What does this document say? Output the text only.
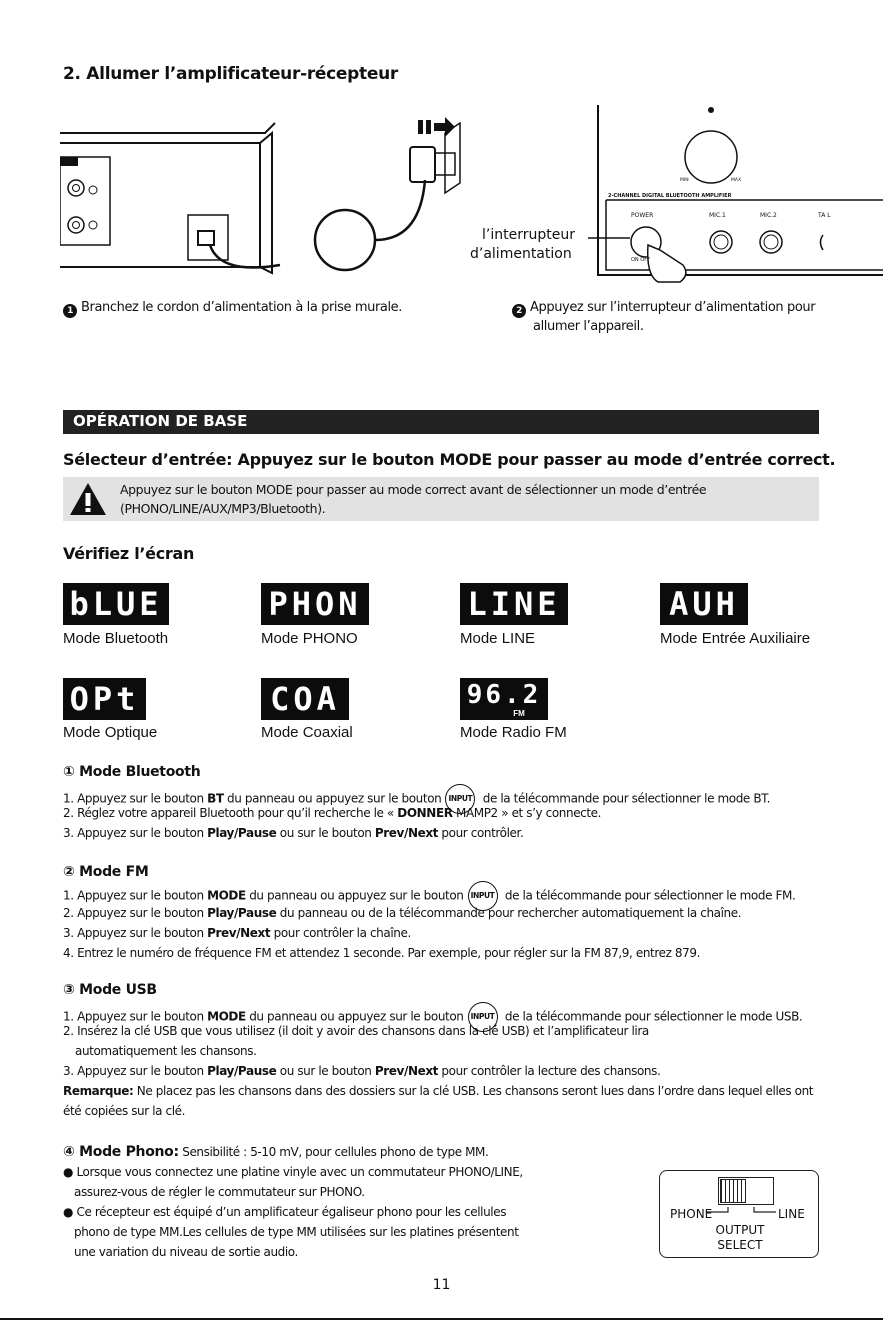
2. Allumer l’amplificateur-récepteur
2-CHANNEL DIGITAL BLUETOOTH AMPLIFIER
POWER	MIC.1	MIC.2	TA L
MIN	MAX
ON OFF
l’interrupteur
d’alimentation
1 Branchez le cordon d’alimentation à la prise murale.	2 Appuyez sur l’interrupteur d’alimentation pour
allumer l’appareil.
OPÉRATION DE BASE
Sélecteur d’entrée: Appuyez sur le bouton MODE pour passer au mode d’entrée correct.
Appuyez sur le bouton MODE pour passer au mode correct avant de sélectionner un mode d’entrée
(PHONO/LINE/AUX/MP3/Bluetooth).
Vérifiez l’écran
bLUE	PHON	LINE	AUH
Mode Bluetooth	Mode PHONO	Mode LINE	Mode Entrée Auxiliaire
OPt	COA	96.2
FM
Mode Optique	Mode Coaxial	Mode Radio FM
① Mode Bluetooth
1. Appuyez sur le bouton BT du panneau ou appuyez sur le bouton INPUT de la télécommande pour sélectionner le mode BT.
2. Réglez votre appareil Bluetooth pour qu’il recherche le « DONNER MAMP2 » et s’y connecte.
3. Appuyez sur le bouton Play/Pause ou sur le bouton Prev/Next pour contrôler.
② Mode FM
1. Appuyez sur le bouton MODE du panneau ou appuyez sur le bouton INPUT de la télécommande pour sélectionner le mode FM.
2. Appuyez sur le bouton Play/Pause du panneau ou de la télécommande pour rechercher automatiquement la chaîne.
3. Appuyez sur le bouton Prev/Next pour contrôler la chaîne.
4. Entrez le numéro de fréquence FM et attendez 1 seconde. Par exemple, pour régler sur la FM 87,9, entrez 879.
③ Mode USB
1. Appuyez sur le bouton MODE du panneau ou appuyez sur le bouton INPUT de la télécommande pour sélectionner le mode USB.
2. Insérez la clé USB que vous utilisez (il doit y avoir des chansons dans la clé USB) et l’amplificateur lira
automatiquement les chansons.
3. Appuyez sur le bouton Play/Pause ou sur le bouton Prev/Next pour contrôler la lecture des chansons.
Remarque: Ne placez pas les chansons dans des dossiers sur la clé USB. Les chansons seront lues dans l’ordre dans lequel elles ont
été copiées sur la clé.
④ Mode Phono: Sensibilité : 5-10 mV, pour cellules phono de type MM.
● Lorsque vous connectez une platine vinyle avec un commutateur PHONO/LINE,
assurez-vous de régler le commutateur sur PHONO.
● Ce récepteur est équipé d’un amplificateur égaliseur phono pour les cellules
phono de type MM.Les cellules de type MM utilisées sur les platines présentent
une variation du niveau de sortie audio.
PHONE	LINE
OUTPUT
SELECT
11
